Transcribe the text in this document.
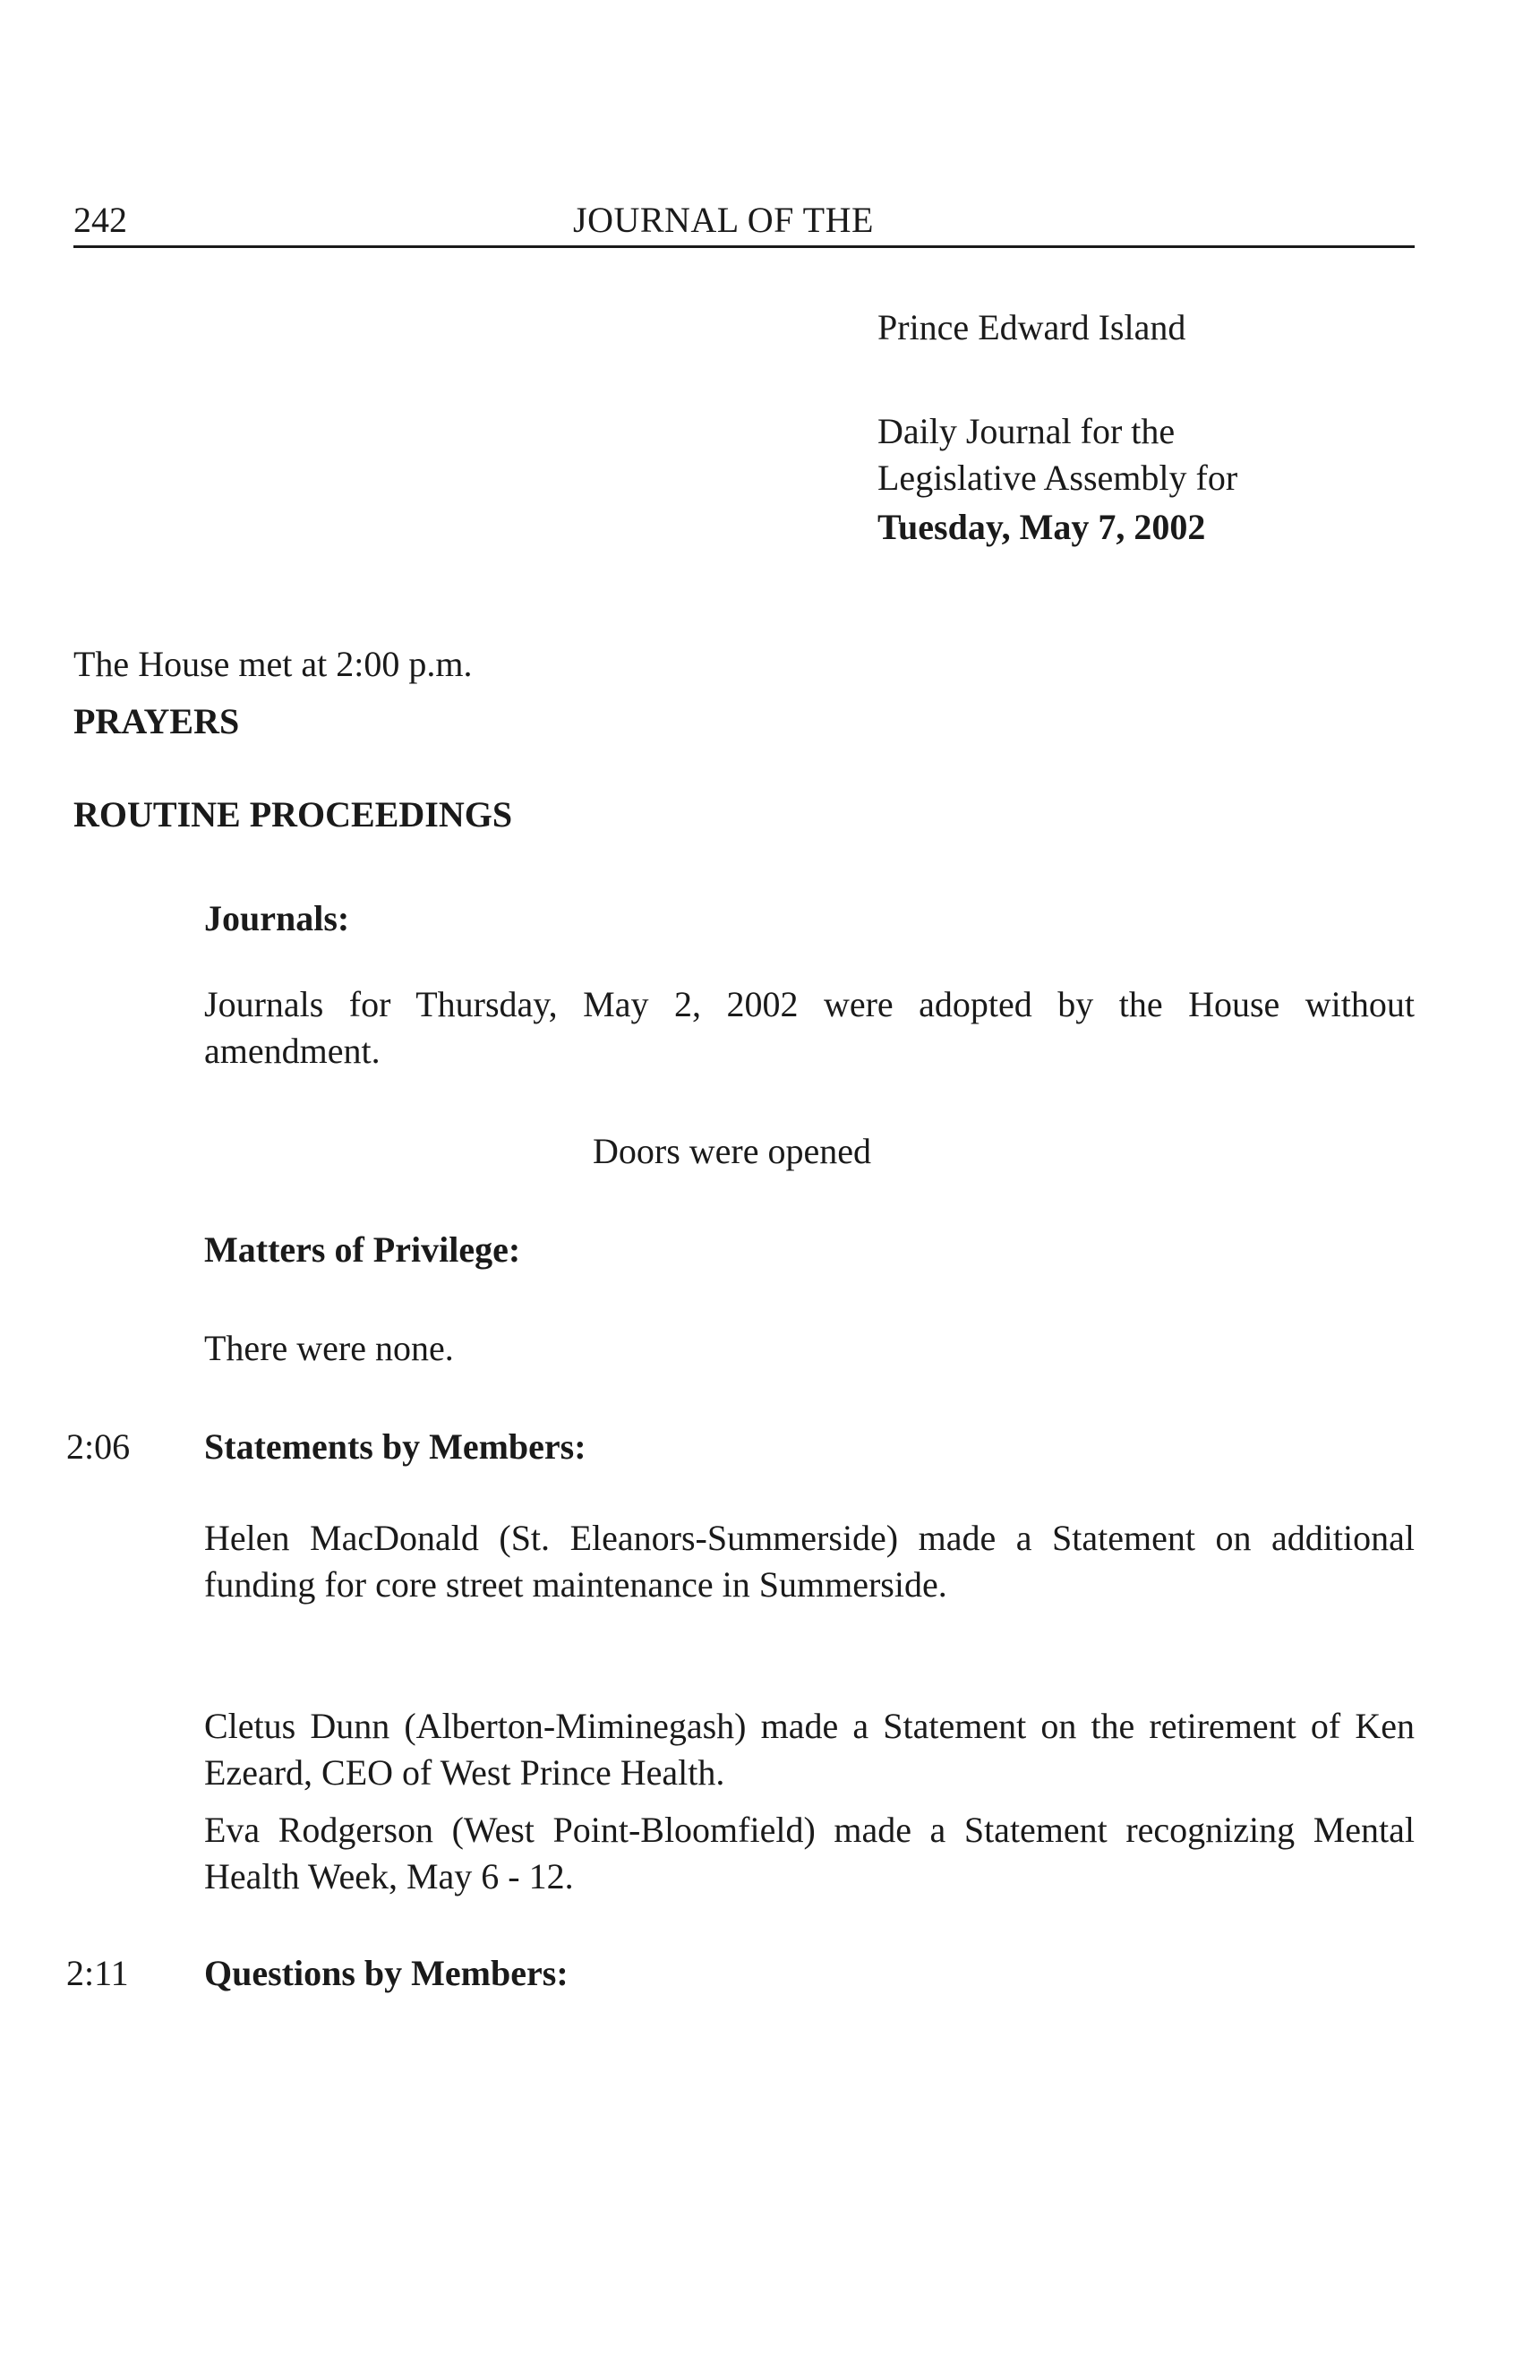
242	JOURNAL OF THE
Prince Edward Island
Daily Journal for the
Legislative Assembly for
Tuesday, May 7, 2002
The House met at 2:00 p.m.
PRAYERS
ROUTINE PROCEEDINGS
Journals:

Journals for Thursday, May 2, 2002 were adopted by the House without amendment.

Doors were opened
Matters of Privilege:
There were none.
2:06 Statements by Members:

Helen MacDonald (St. Eleanors-Summerside) made a Statement on additional funding for core street maintenance in Summerside.

Cletus Dunn (Alberton-Miminegash) made a Statement on the retirement of Ken Ezeard, CEO of West Prince Health.

Eva Rodgerson (West Point-Bloomfield) made a Statement recognizing Mental Health Week, May 6 - 12.

2:11 Questions by Members:
